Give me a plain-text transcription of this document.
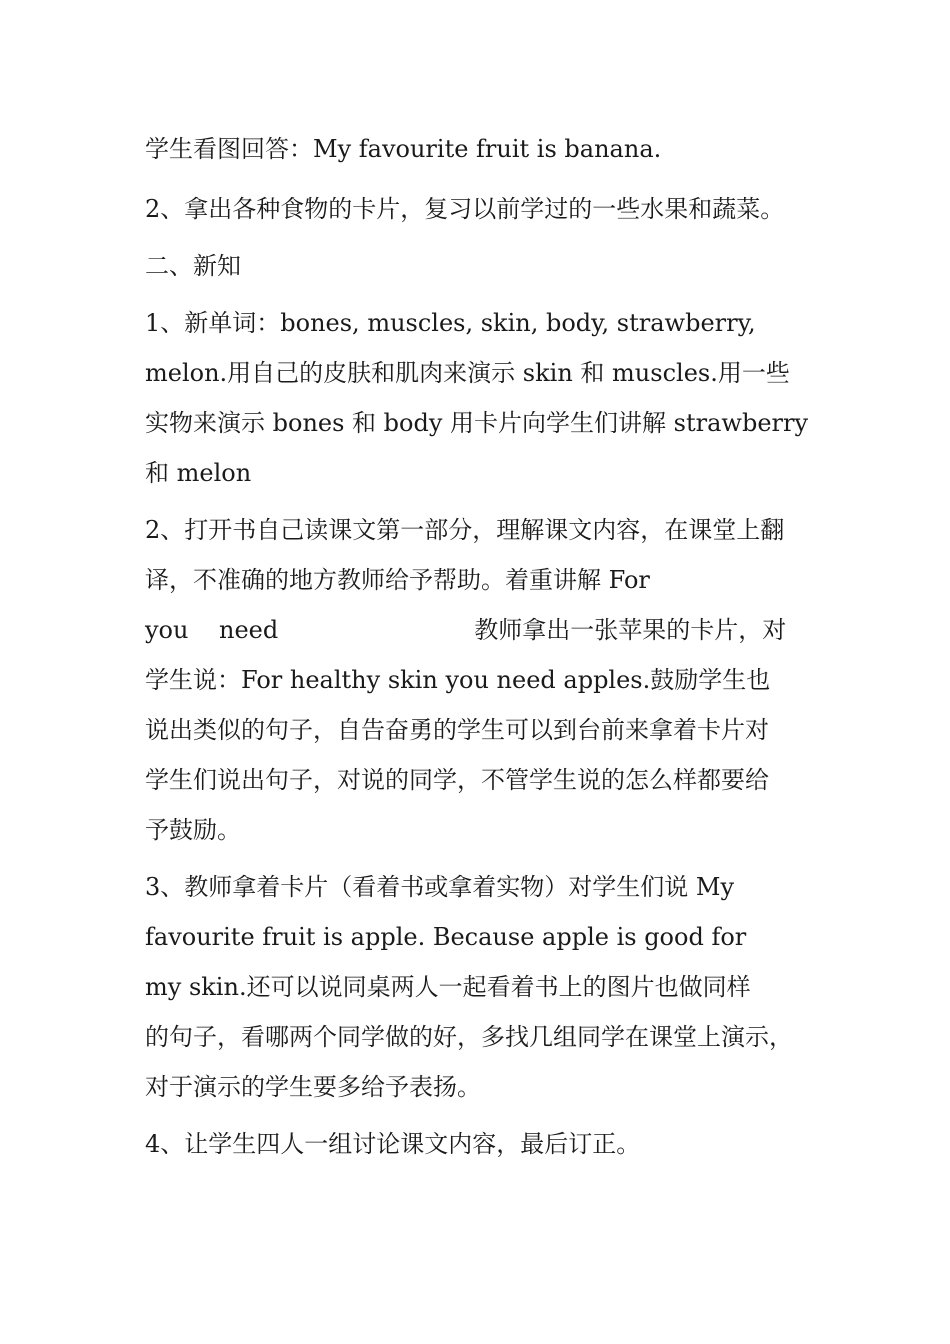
学生看图回答：My favourite fruit is banana.
2、拿出各种食物的卡片，复习以前学过的一些水果和蔬菜。
二、新知
1、新单词：bones, muscles, skin, body, strawberry,
melon.用自己的皮肤和肌肉来演示 skin 和 muscles.用一些
实物来演示 bones 和 body 用卡片向学生们讲解 strawberry
和 melon
2、打开书自己读课文第一部分，理解课文内容，在课堂上翻
译，不准确的地方教师给予帮助。着重讲解 For
you    need	教师拿出一张苹果的卡片，对
学生说：For healthy skin you need apples.鼓励学生也
说出类似的句子，自告奋勇的学生可以到台前来拿着卡片对
学生们说出句子，对说的同学，不管学生说的怎么样都要给
予鼓励。
3、教师拿着卡片（看着书或拿着实物）对学生们说 My
favourite fruit is apple. Because apple is good for
my skin.还可以说同桌两人一起看着书上的图片也做同样
的句子，看哪两个同学做的好，多找几组同学在课堂上演示，
对于演示的学生要多给予表扬。
4、让学生四人一组讨论课文内容，最后订正。
